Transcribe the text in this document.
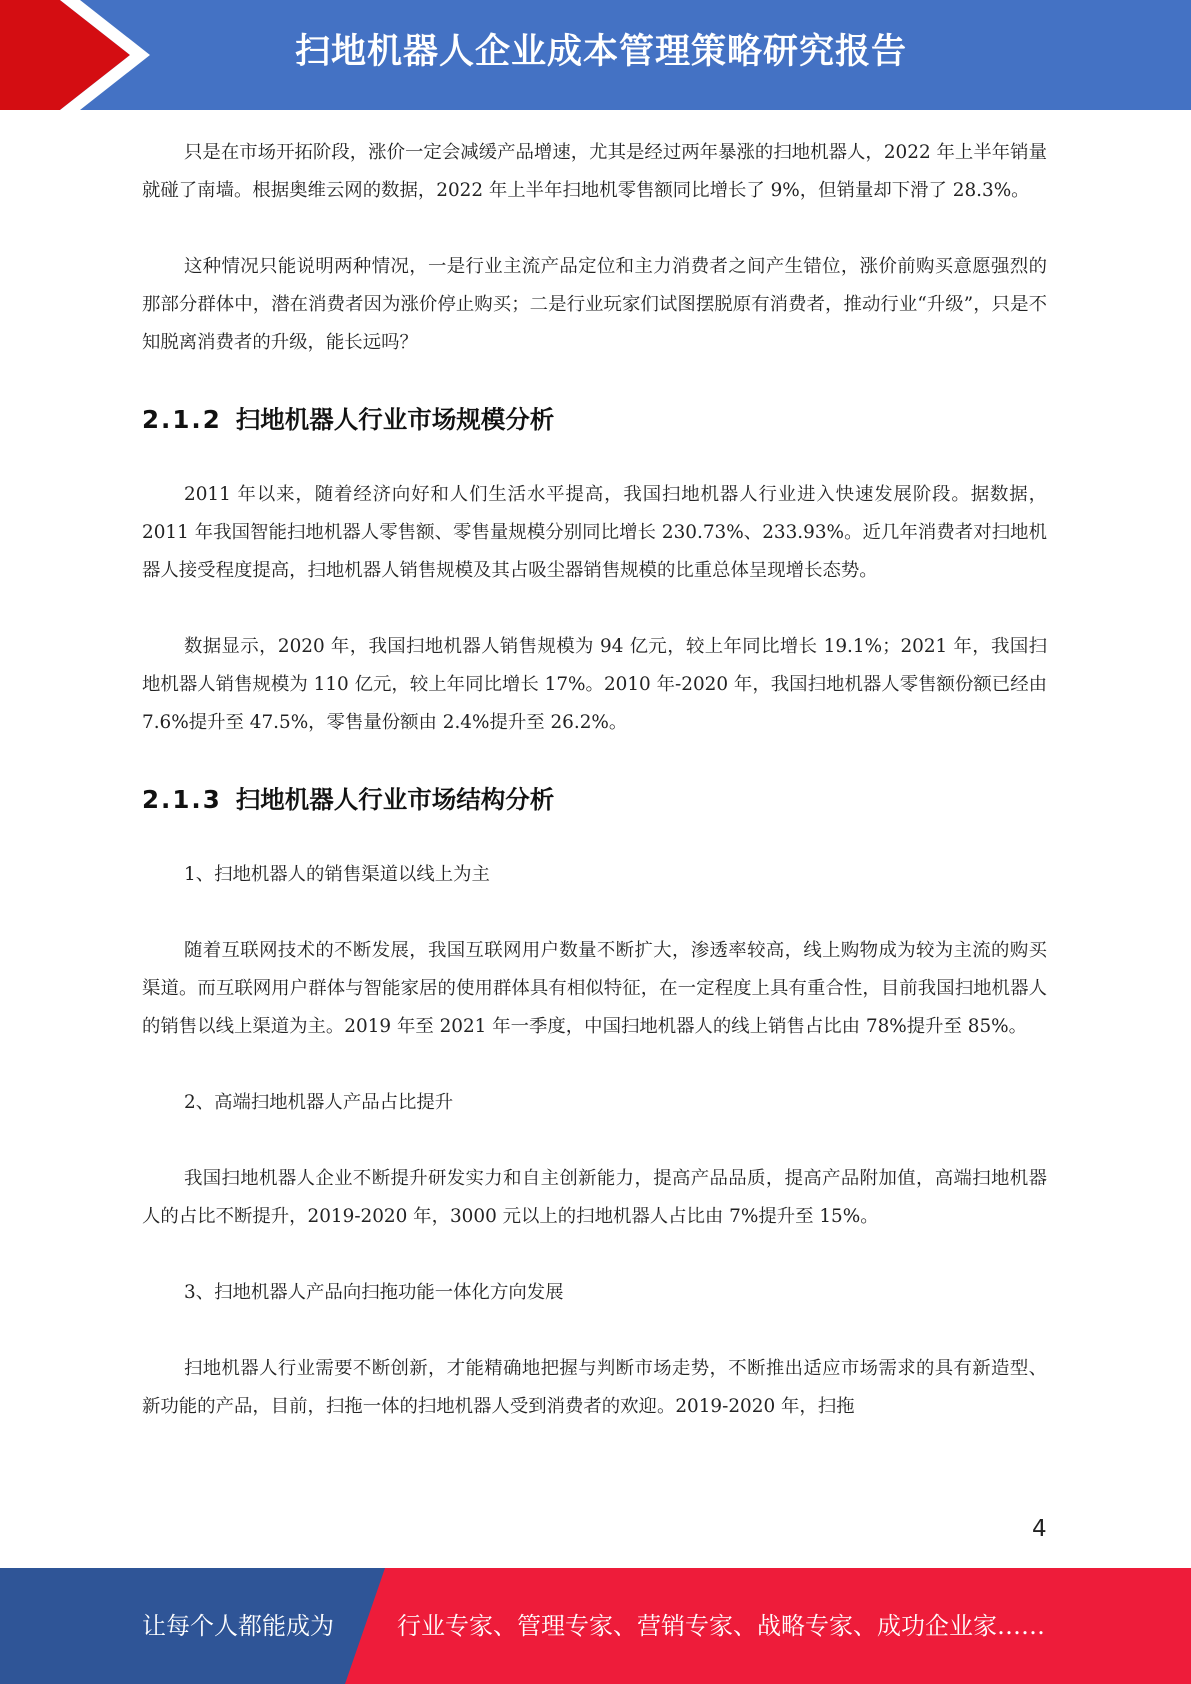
扫地机器人企业成本管理策略研究报告

只是在市场开拓阶段，涨价一定会减缓产品增速，尤其是经过两年暴涨的扫地机器人，2022 年上半年销量就碰了南墙。根据奥维云网的数据，2022 年上半年扫地机零售额同比增长了 9%，但销量却下滑了 28.3%。

这种情况只能说明两种情况，一是行业主流产品定位和主力消费者之间产生错位，涨价前购买意愿强烈的那部分群体中，潜在消费者因为涨价停止购买；二是行业玩家们试图摆脱原有消费者，推动行业“升级”，只是不知脱离消费者的升级，能长远吗？

2.1.2 扫地机器人行业市场规模分析

2011 年以来，随着经济向好和人们生活水平提高，我国扫地机器人行业进入快速发展阶段。据数据，2011 年我国智能扫地机器人零售额、零售量规模分别同比增长 230.73%、233.93%。近几年消费者对扫地机器人接受程度提高，扫地机器人销售规模及其占吸尘器销售规模的比重总体呈现增长态势。

数据显示，2020 年，我国扫地机器人销售规模为 94 亿元，较上年同比增长 19.1%；2021 年，我国扫地机器人销售规模为 110 亿元，较上年同比增长 17%。2010 年-2020 年，我国扫地机器人零售额份额已经由 7.6%提升至 47.5%，零售量份额由 2.4%提升至 26.2%。

2.1.3 扫地机器人行业市场结构分析

1、扫地机器人的销售渠道以线上为主

随着互联网技术的不断发展，我国互联网用户数量不断扩大，渗透率较高，线上购物成为较为主流的购买渠道。而互联网用户群体与智能家居的使用群体具有相似特征，在一定程度上具有重合性，目前我国扫地机器人的销售以线上渠道为主。2019 年至 2021 年一季度，中国扫地机器人的线上销售占比由 78%提升至 85%。

2、高端扫地机器人产品占比提升

我国扫地机器人企业不断提升研发实力和自主创新能力，提高产品品质，提高产品附加值，高端扫地机器人的占比不断提升，2019-2020 年，3000 元以上的扫地机器人占比由 7%提升至 15%。

3、扫地机器人产品向扫拖功能一体化方向发展

扫地机器人行业需要不断创新，才能精确地把握与判断市场走势，不断推出适应市场需求的具有新造型、新功能的产品，目前，扫拖一体的扫地机器人受到消费者的欢迎。2019-2020 年，扫拖

4
让每个人都能成为	行业专家、管理专家、营销专家、战略专家、成功企业家……
